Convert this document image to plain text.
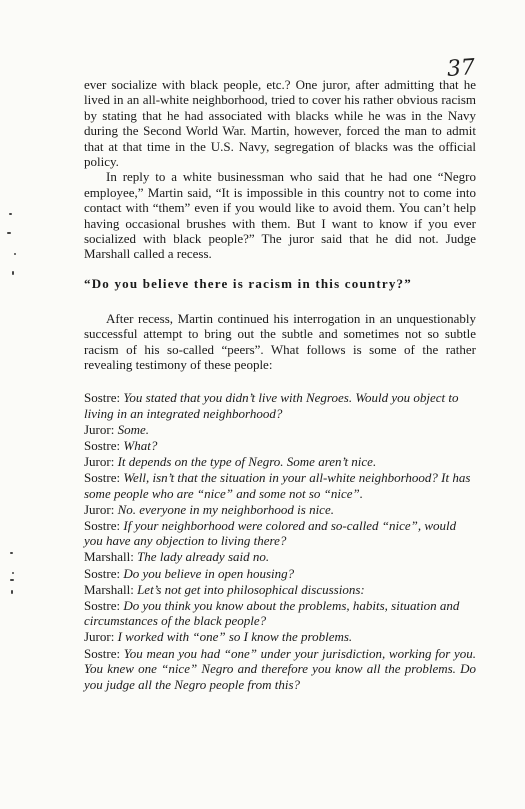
37

ever socialize with black people, etc.? One juror, after admitting that he lived in an all-white neighborhood, tried to cover his rather obvious racism by stating that he had associated with blacks while he was in the Navy during the Second World War. Martin, however, forced the man to admit that at that time in the U.S. Navy, segregation of blacks was the official policy.

In reply to a white businessman who said that he had one “Negro employee,” Martin said, “It is impossible in this country not to come into contact with “them” even if you would like to avoid them. You can’t help having occasional brushes with them. But I want to know if you ever socialized with black people?” The juror said that he did not. Judge Marshall called a recess.

“Do you believe there is racism in this country?”

After recess, Martin continued his interrogation in an unquestionably successful attempt to bring out the subtle and sometimes not so subtle racism of his so-called “peers”. What follows is some of the rather revealing testimony of these people:

Sostre: You stated that you didn’t live with Negroes. Would you object to living in an integrated neighborhood?

Juror: Some.

Sostre: What?

Juror: It depends on the type of Negro. Some aren’t nice.

Sostre: Well, isn’t that the situation in your all-white neighborhood? It has some people who are “nice” and some not so “nice”.

Juror: No. everyone in my neighborhood is nice.

Sostre: If your neighborhood were colored and so-called “nice”, would you have any objection to living there?

Marshall: The lady already said no.

Sostre: Do you believe in open housing?

Marshall: Let’s not get into philosophical discussions:

Sostre: Do you think you know about the problems, habits, situation and circumstances of the black people?

Juror: I worked with “one” so I know the problems.

Sostre: You mean you had “one” under your jurisdiction, working for you. You knew one “nice” Negro and therefore you know all the problems. Do you judge all the Negro people from this?
